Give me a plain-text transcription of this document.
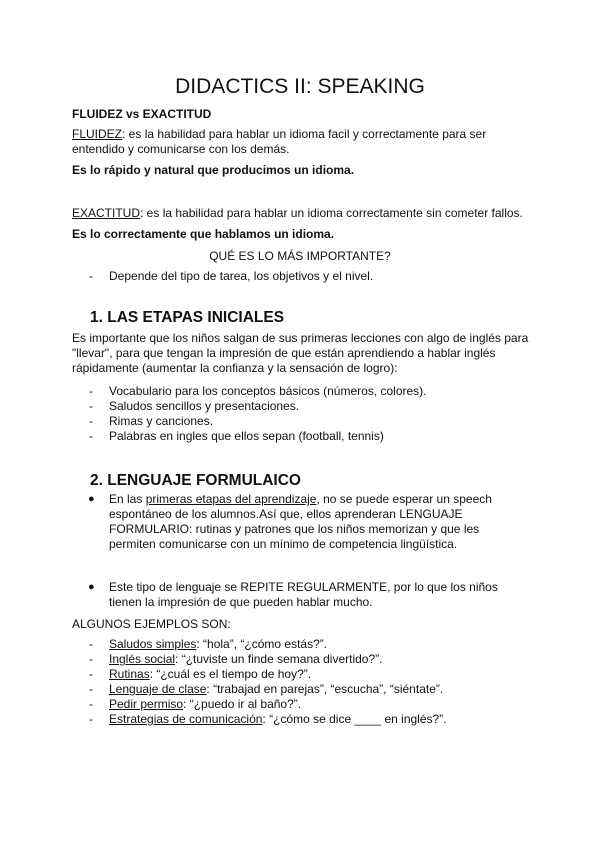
DIDACTICS II: SPEAKING
FLUIDEZ vs EXACTITUD

FLUIDEZ: es la habilidad para hablar un idioma facil y correctamente para ser entendido y comunicarse con los demás.

Es lo rápido y natural que producimos un idioma.

EXACTITUD: es la habilidad para hablar un idioma correctamente sin cometer fallos.

Es lo correctamente que hablamos un idioma.
QUÉ ES LO MÁS IMPORTANTE?
- Depende del tipo de tarea, los objetivos y el nivel.
1. LAS ETAPAS INICIALES

Es importante que los niños salgan de sus primeras lecciones con algo de inglés para "llevar", para que tengan la impresión de que están aprendiendo a hablar inglés rápidamente (aumentar la confianza y la sensación de logro):

- Vocabulario para los conceptos básicos (números, colores).
- Saludos sencillos y presentaciones.
- Rimas y canciones.
- Palabras en ingles que ellos sepan (football, tennis)
2. LENGUAJE FORMULAICO
● En las primeras etapas del aprendizaje, no se puede esperar un speech espontáneo de los alumnos.Así que, ellos aprenderan LENGUAJE FORMULARIO: rutinas y patrones que los niños memorizan y que les permiten comunicarse con un mínimo de competencia lingüística.
● Este tipo de lenguaje se REPITE REGULARMENTE, por lo que los niños tienen la impresión de que pueden hablar mucho.
ALGUNOS EJEMPLOS SON:
- Saludos simples: “hola”, “¿cómo estás?”.
- Inglés social: “¿tuviste un finde semana divertido?”.
- Rutinas: “¿cuál es el tiempo de hoy?”.
- Lenguaje de clase: “trabajad en parejas”, “escucha”, “siéntate”.
- Pedir permiso: “¿puedo ir al baño?”.
- Estrategias de comunicación: “¿cómo se dice ____ en inglés?”.
